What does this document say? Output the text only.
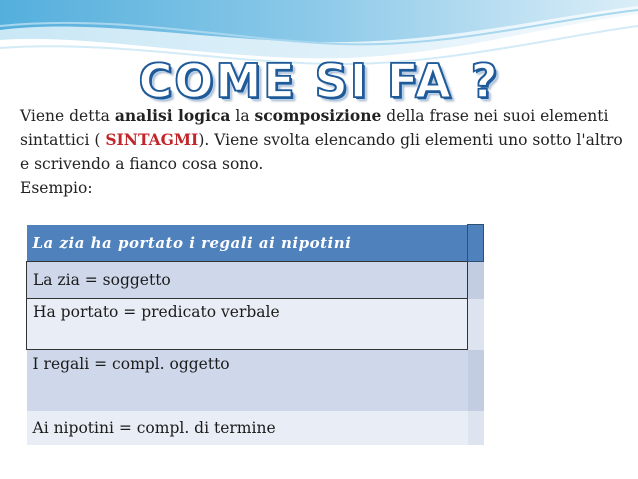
COME SI FA ?
Viene detta analisi logica la scomposizione della frase nei suoi elementi sintattici ( SINTAGMI). Viene svolta elencando gli elementi uno sotto l'altro e scrivendo a fianco cosa sono.
Esempio:
La zia ha portato i regali ai nipotini	
La zia = soggetto	
Ha portato = predicato verbale	
I regali = compl. oggetto	
Ai nipotini = compl. di termine	
